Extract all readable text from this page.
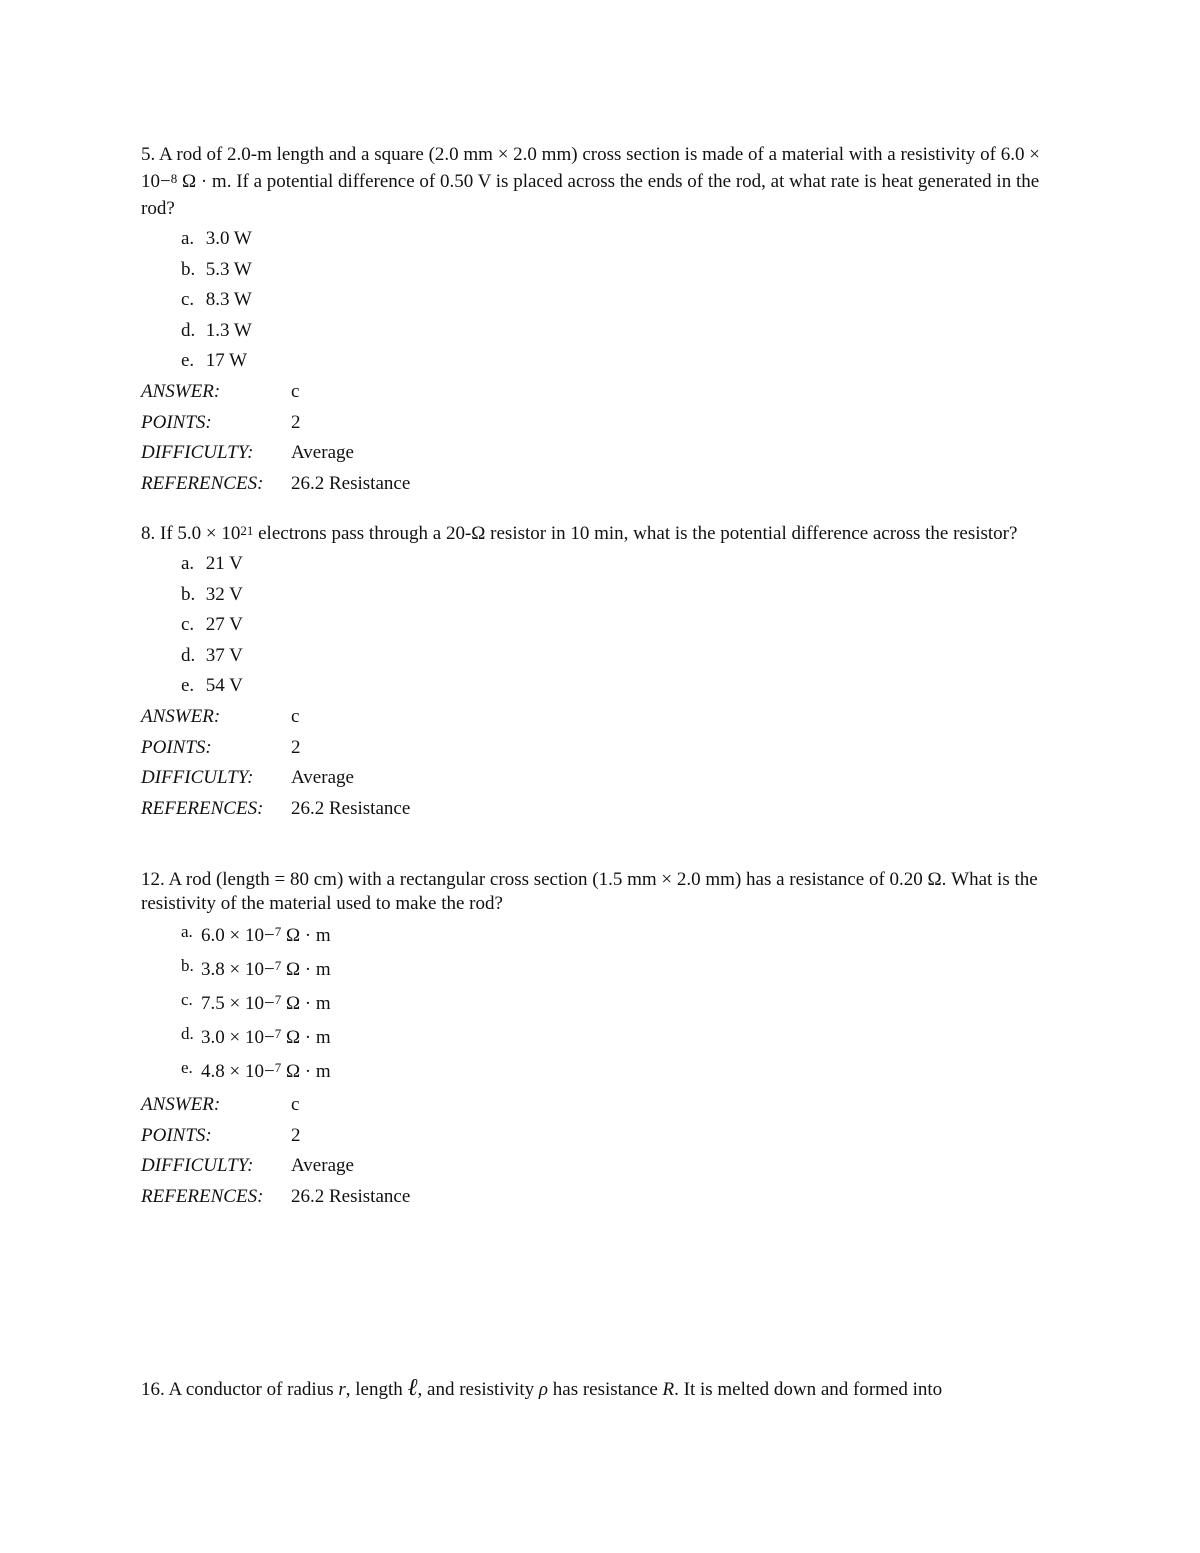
5. A rod of 2.0-m length and a square (2.0 mm × 2.0 mm) cross section is made of a material with a resistivity of 6.0 × 10−$^8$ Ω · m. If a potential difference of 0.50 V is placed across the ends of the rod, at what rate is heat generated in the rod?

a. 3.0 W
b. 5.3 W
c. 8.3 W
d. 1.3 W
e. 17 W
ANSWER:	c
POINTS:	2
DIFFICULTY:	Average
REFERENCES:	26.2 Resistance

8. If $5.0 \times 10^{21}$ electrons pass through a 20-Ω resistor in 10 min, what is the potential difference across the resistor?

a. 21 V
b. 32 V
c. 27 V
d. 37 V
e. 54 V
ANSWER:	c
POINTS:	2
DIFFICULTY:	Average
REFERENCES:	26.2 Resistance

12. A rod (length = 80 cm) with a rectangular cross section (1.5 mm × 2.0 mm) has a resistance of 0.20 Ω. What is the resistivity of the material used to make the rod?

a. 6.0 × 10−$^7$ Ω · m
b. 3.8 × 10−$^7$ Ω · m
c. 7.5 × 10−$^7$ Ω · m
d. 3.0 × 10−$^7$ Ω · m
e. 4.8 × 10−$^7$ Ω · m
ANSWER:	c
POINTS:	2
DIFFICULTY:	Average
REFERENCES:	26.2 Resistance

16. A conductor of radius r, length ℓ, and resistivity ρ has resistance R. It is melted down and formed into
